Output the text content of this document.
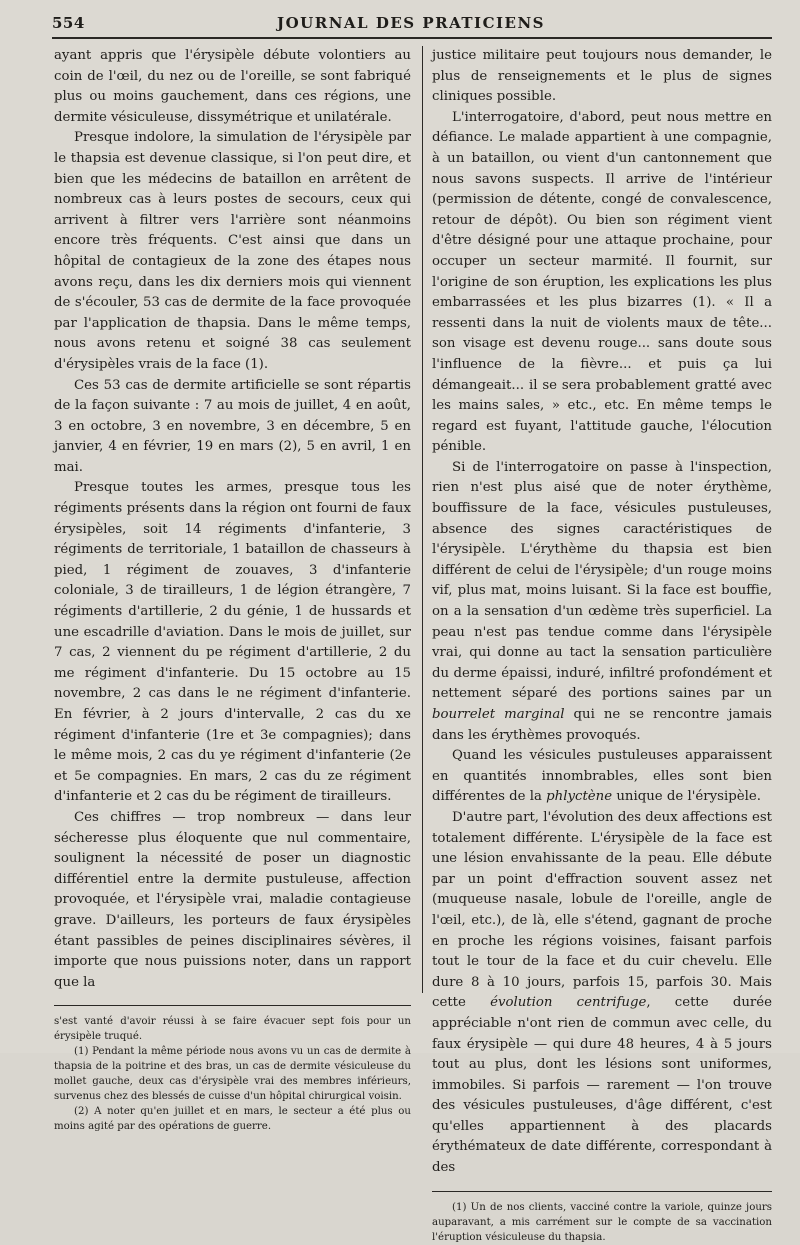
554	JOURNAL DES PRATICIENS

ayant appris que l'érysipèle débute volontiers au coin de l'œil, du nez ou de l'oreille, se sont fabriqué plus ou moins gauchement, dans ces régions, une dermite vésiculeuse, dissymétrique et unilatérale.

Presque indolore, la simulation de l'érysipèle par le thapsia est devenue classique, si l'on peut dire, et bien que les médecins de bataillon en arrêtent de nombreux cas à leurs postes de secours, ceux qui arrivent à filtrer vers l'arrière sont néanmoins encore très fréquents. C'est ainsi que dans un hôpital de contagieux de la zone des étapes nous avons reçu, dans les dix derniers mois qui viennent de s'écouler, 53 cas de dermite de la face provoquée par l'application de thapsia. Dans le même temps, nous avons retenu et soigné 38 cas seulement d'érysipèles vrais de la face (1).

Ces 53 cas de dermite artificielle se sont répartis de la façon suivante : 7 au mois de juillet, 4 en août, 3 en octobre, 3 en novembre, 3 en décembre, 5 en janvier, 4 en février, 19 en mars (2), 5 en avril, 1 en mai.

Presque toutes les armes, presque tous les régiments présents dans la région ont fourni de faux érysipèles, soit 14 régiments d'infanterie, 3 régiments de territoriale, 1 bataillon de chasseurs à pied, 1 régiment de zouaves, 3 d'infanterie coloniale, 3 de tirailleurs, 1 de légion étrangère, 7 régiments d'artillerie, 2 du génie, 1 de hussards et une escadrille d'aviation. Dans le mois de juillet, sur 7 cas, 2 viennent du pe régiment d'artillerie, 2 du me régiment d'infanterie. Du 15 octobre au 15 novembre, 2 cas dans le ne régiment d'infanterie. En février, à 2 jours d'intervalle, 2 cas du xe régiment d'infanterie (1re et 3e compagnies); dans le même mois, 2 cas du ye régiment d'infanterie (2e et 5e compagnies. En mars, 2 cas du ze régiment d'infanterie et 2 cas du be régiment de tirailleurs.

Ces chiffres — trop nombreux — dans leur sécheresse plus éloquente que nul commentaire, soulignent la nécessité de poser un diagnostic différentiel entre la dermite pustuleuse, affection provoquée, et l'érysipèle vrai, maladie contagieuse grave. D'ailleurs, les porteurs de faux érysipèles étant passibles de peines disciplinaires sévères, il importe que nous puissions noter, dans un rapport que la

s'est vanté d'avoir réussi à se faire évacuer sept fois pour un érysipèle truqué.

(1) Pendant la même période nous avons vu un cas de dermite à thapsia de la poitrine et des bras, un cas de dermite vésiculeuse du mollet gauche, deux cas d'érysipèle vrai des membres inférieurs, survenus chez des blessés de cuisse d'un hôpital chirurgical voisin.

(2) A noter qu'en juillet et en mars, le secteur a été plus ou moins agité par des opérations de guerre.

justice militaire peut toujours nous demander, le plus de renseignements et le plus de signes cliniques possible.

L'interrogatoire, d'abord, peut nous mettre en défiance. Le malade appartient à une compagnie, à un bataillon, ou vient d'un cantonnement que nous savons suspects. Il arrive de l'intérieur (permission de détente, congé de convalescence, retour de dépôt). Ou bien son régiment vient d'être désigné pour une attaque prochaine, pour occuper un secteur marmité. Il fournit, sur l'origine de son éruption, les explications les plus embarrassées et les plus bizarres (1). « Il a ressenti dans la nuit de violents maux de tête... son visage est devenu rouge... sans doute sous l'influence de la fièvre... et puis ça lui démangeait... il se sera probablement gratté avec les mains sales, » etc., etc. En même temps le regard est fuyant, l'attitude gauche, l'élocution pénible.

Si de l'interrogatoire on passe à l'inspection, rien n'est plus aisé que de noter érythème, bouffissure de la face, vésicules pustuleuses, absence des signes caractéristiques de l'érysipèle. L'érythème du thapsia est bien différent de celui de l'érysipèle; d'un rouge moins vif, plus mat, moins luisant. Si la face est bouffie, on a la sensation d'un œdème très superficiel. La peau n'est pas tendue comme dans l'érysipèle vrai, qui donne au tact la sensation particulière du derme épaissi, induré, infiltré profondément et nettement séparé des portions saines par un bourrelet marginal qui ne se rencontre jamais dans les érythèmes provoqués.

Quand les vésicules pustuleuses apparaissent en quantités innombrables, elles sont bien différentes de la phlyctène unique de l'érysipèle.

D'autre part, l'évolution des deux affections est totalement différente. L'érysipèle de la face est une lésion envahissante de la peau. Elle débute par un point d'effraction souvent assez net (muqueuse nasale, lobule de l'oreille, angle de l'œil, etc.), de là, elle s'étend, gagnant de proche en proche les régions voisines, faisant parfois tout le tour de la face et du cuir chevelu. Elle dure 8 à 10 jours, parfois 15, parfois 30. Mais cette évolution centrifuge, cette durée appréciable n'ont rien de commun avec celle, du faux érysipèle — qui dure 48 heures, 4 à 5 jours tout au plus, dont les lésions sont uniformes, immobiles. Si parfois — rarement — l'on trouve des vésicules pustuleuses, d'âge différent, c'est qu'elles appartiennent à des placards érythémateux de date différente, correspondant à des

(1) Un de nos clients, vacciné contre la variole, quinze jours auparavant, a mis carrément sur le compte de sa vaccination l'éruption vésiculeuse du thapsia.
